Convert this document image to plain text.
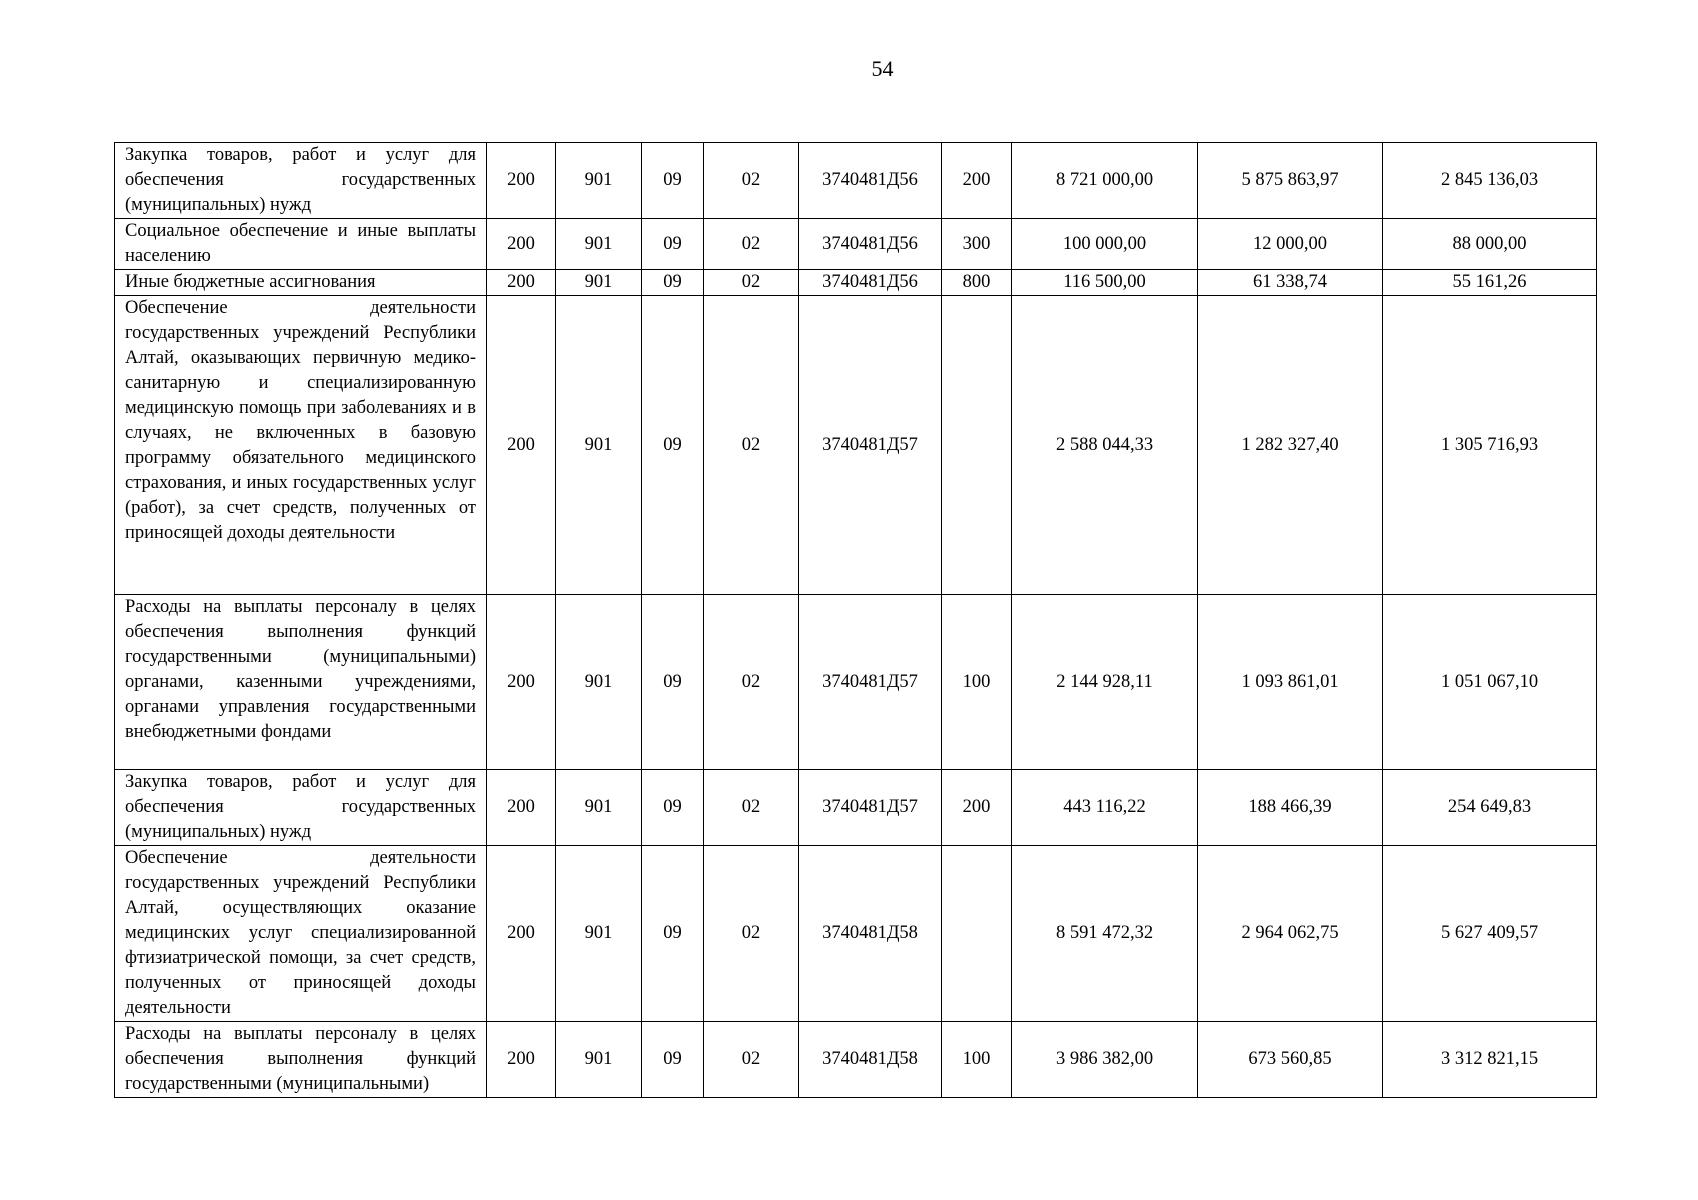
54
Закупка товаров, работ и услуг для обеспечения государственных (муниципальных) нужд	200	901	09	02	3740481Д56	200	8 721 000,00	5 875 863,97	2 845 136,03
Социальное обеспечение и иные выплаты населению	200	901	09	02	3740481Д56	300	100 000,00	12 000,00	88 000,00
Иные бюджетные ассигнования	200	901	09	02	3740481Д56	800	116 500,00	61 338,74	55 161,26
Обеспечение деятельности государственных учреждений Республики Алтай, оказывающих первичную медико-санитарную и специализированную медицинскую помощь при заболеваниях и в случаях, не включенных в базовую программу обязательного медицинского страхования, и иных государственных услуг (работ), за счет средств, полученных от приносящей доходы деятельности	200	901	09	02	3740481Д57		2 588 044,33	1 282 327,40	1 305 716,93
Расходы на выплаты персоналу в целях обеспечения выполнения функций государственными (муниципальными) органами, казенными учреждениями, органами управления государственными внебюджетными фондами	200	901	09	02	3740481Д57	100	2 144 928,11	1 093 861,01	1 051 067,10
Закупка товаров, работ и услуг для обеспечения государственных (муниципальных) нужд	200	901	09	02	3740481Д57	200	443 116,22	188 466,39	254 649,83
Обеспечение деятельности государственных учреждений Республики Алтай, осуществляющих оказание медицинских услуг специализированной фтизиатрической помощи, за счет средств, полученных от приносящей доходы деятельности	200	901	09	02	3740481Д58		8 591 472,32	2 964 062,75	5 627 409,57
Расходы на выплаты персоналу в целях обеспечения выполнения функций государственными (муниципальными)	200	901	09	02	3740481Д58	100	3 986 382,00	673 560,85	3 312 821,15
